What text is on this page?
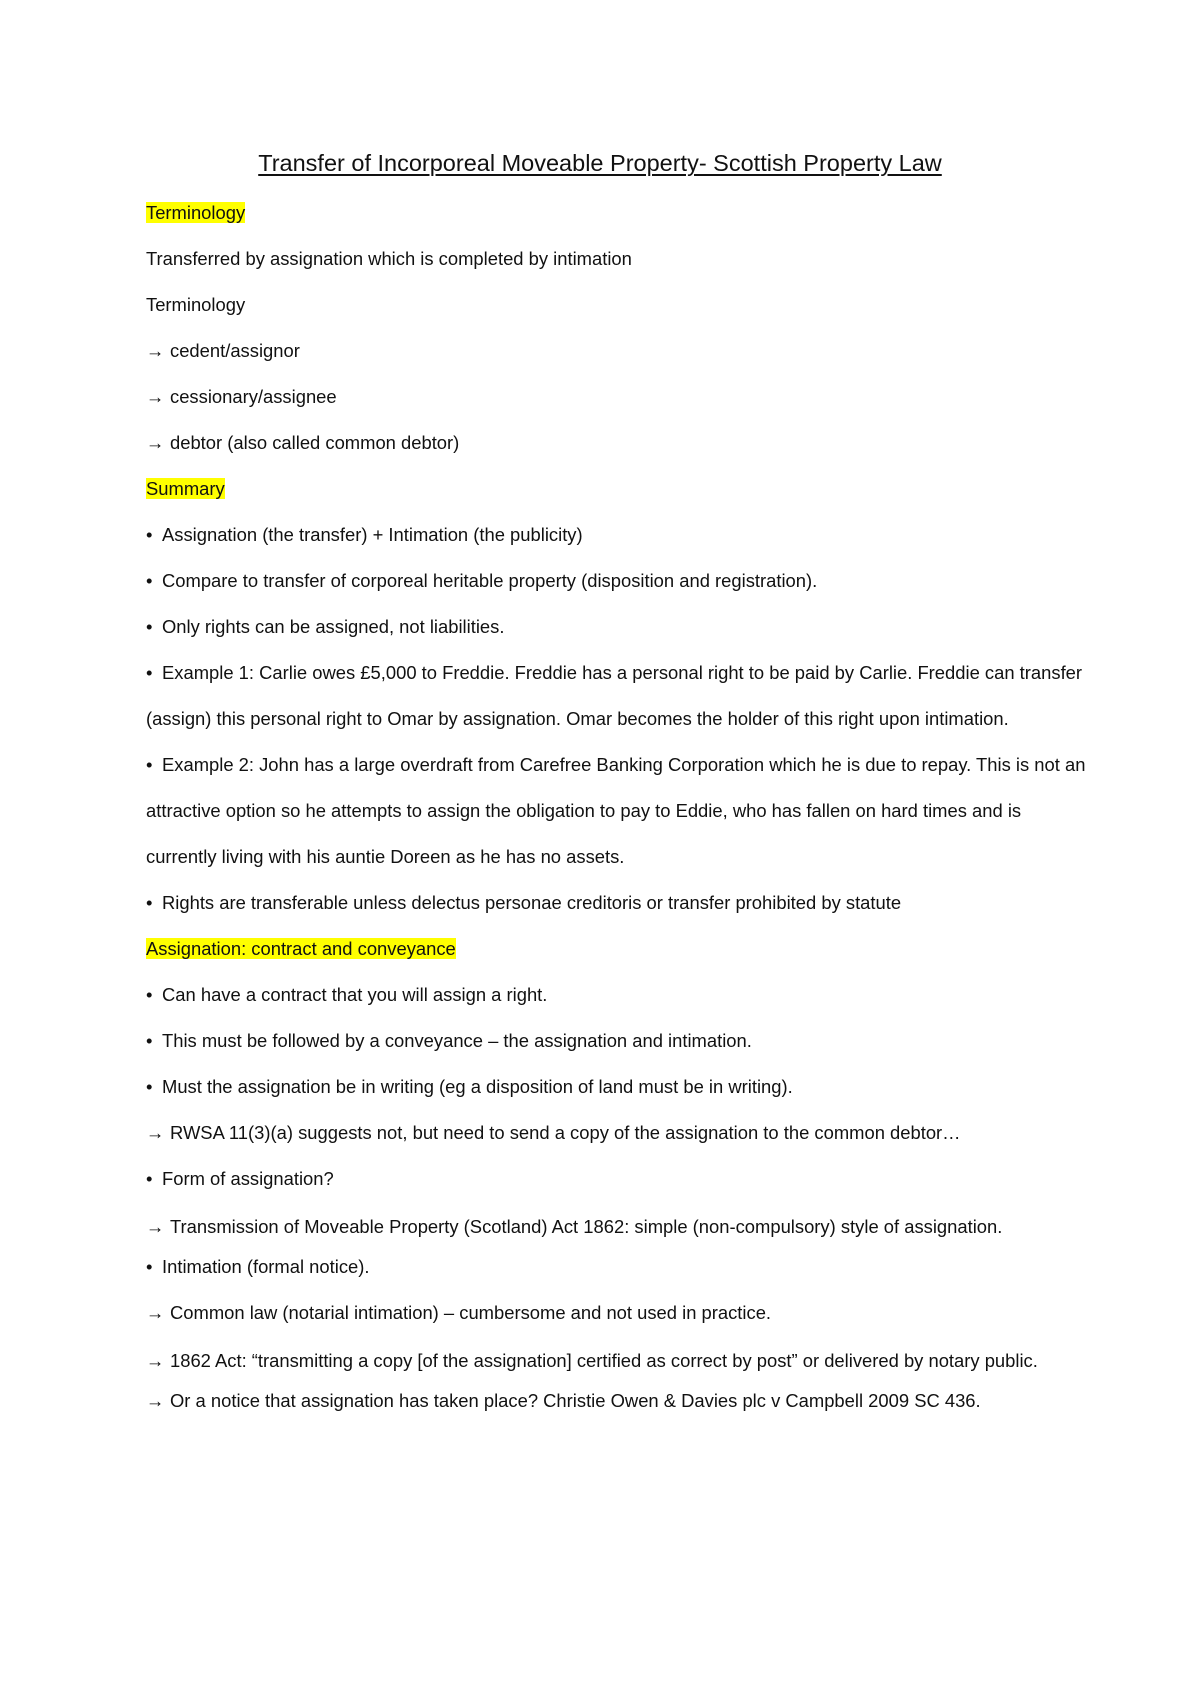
Transfer of Incorporeal Moveable Property- Scottish Property Law

Terminology

Transferred by assignation which is completed by intimation

Terminology

→ cedent/assignor

→ cessionary/assignee

→ debtor (also called common debtor)

Summary

• Assignation (the transfer) + Intimation (the publicity)

• Compare to transfer of corporeal heritable property (disposition and registration).

• Only rights can be assigned, not liabilities.

• Example 1: Carlie owes £5,000 to Freddie. Freddie has a personal right to be paid by Carlie. Freddie can transfer (assign) this personal right to Omar by assignation. Omar becomes the holder of this right upon intimation.

• Example 2: John has a large overdraft from Carefree Banking Corporation which he is due to repay. This is not an attractive option so he attempts to assign the obligation to pay to Eddie, who has fallen on hard times and is currently living with his auntie Doreen as he has no assets.

• Rights are transferable unless delectus personae creditoris or transfer prohibited by statute

Assignation: contract and conveyance

• Can have a contract that you will assign a right.

• This must be followed by a conveyance – the assignation and intimation.

• Must the assignation be in writing (eg a disposition of land must be in writing).

→ RWSA 11(3)(a) suggests not, but need to send a copy of the assignation to the common debtor…

• Form of assignation?

→ Transmission of Moveable Property (Scotland) Act 1862: simple (non-compulsory) style of assignation.

• Intimation (formal notice).

→ Common law (notarial intimation) – cumbersome and not used in practice.

→ 1862 Act: “transmitting a copy [of the assignation] certified as correct by post” or delivered by notary public.

→ Or a notice that assignation has taken place? Christie Owen & Davies plc v Campbell 2009 SC 436.
